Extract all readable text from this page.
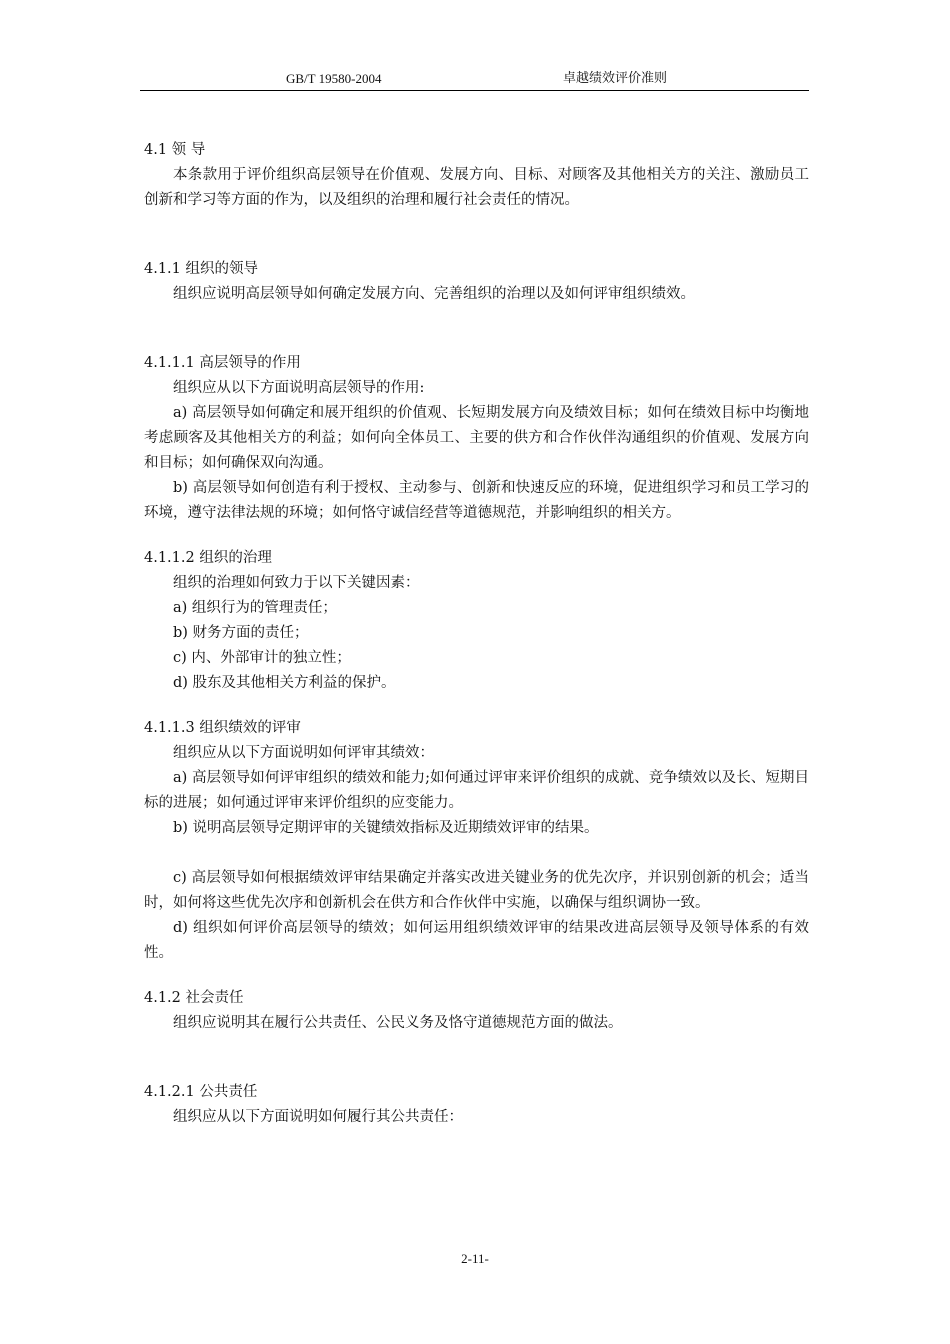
GB/T 19580-2004	卓越绩效评价准则

4.1 领 导

本条款用于评价组织高层领导在价值观、发展方向、目标、对顾客及其他相关方的关注、激励员工创新和学习等方面的作为，以及组织的治理和履行社会责任的情况。

4.1.1 组织的领导

组织应说明高层领导如何确定发展方向、完善组织的治理以及如何评审组织绩效。

4.1.1.1 高层领导的作用

组织应从以下方面说明高层领导的作用:

a) 高层领导如何确定和展开组织的价值观、长短期发展方向及绩效目标；如何在绩效目标中均衡地考虑顾客及其他相关方的利益；如何向全体员工、主要的供方和合作伙伴沟通组织的价值观、发展方向和目标；如何确保双向沟通。

b) 高层领导如何创造有利于授权、主动参与、创新和快速反应的环境，促进组织学习和员工学习的环境，遵守法律法规的环境；如何恪守诚信经营等道德规范，并影响组织的相关方。

4.1.1.2 组织的治理

组织的治理如何致力于以下关键因素：

a) 组织行为的管理责任；

b) 财务方面的责任；

c) 内、外部审计的独立性；

d) 股东及其他相关方利益的保护。

4.1.1.3 组织绩效的评审

组织应从以下方面说明如何评审其绩效：

a) 高层领导如何评审组织的绩效和能力;如何通过评审来评价组织的成就、竞争绩效以及长、短期目标的进展；如何通过评审来评价组织的应变能力。

b) 说明高层领导定期评审的关键绩效指标及近期绩效评审的结果。

c) 高层领导如何根据绩效评审结果确定并落实改进关键业务的优先次序，并识别创新的机会；适当时，如何将这些优先次序和创新机会在供方和合作伙伴中实施，以确保与组织调协一致。

d) 组织如何评价高层领导的绩效；如何运用组织绩效评审的结果改进高层领导及领导体系的有效性。

4.1.2 社会责任

组织应说明其在履行公共责任、公民义务及恪守道德规范方面的做法。

4.1.2.1 公共责任

组织应从以下方面说明如何履行其公共责任：

2-11-
